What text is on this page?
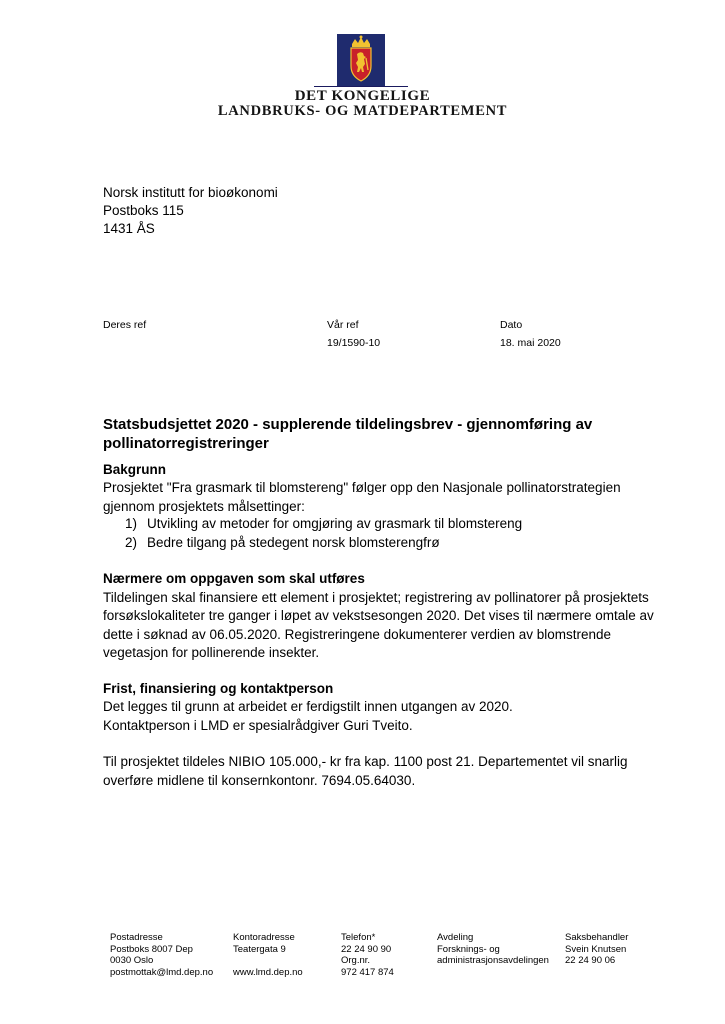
DET KONGELIGE
LANDBRUKS- OG MATDEPARTEMENT
Norsk institutt for bioøkonomi
Postboks 115
1431 ÅS
Deres ref	Vår ref
19/1590-10
Dato
18. mai 2020
Statsbudsjettet 2020 - supplerende tildelingsbrev - gjennomføring av pollinatorregistreringer
Bakgrunn
Prosjektet "Fra grasmark til blomstereng" følger opp den Nasjonale pollinatorstrategien
gjennom prosjektets målsettinger:
1) Utvikling av metoder for omgjøring av grasmark til blomstereng
2) Bedre tilgang på stedegent norsk blomsterengfrø
Nærmere om oppgaven som skal utføres
Tildelingen skal finansiere ett element i prosjektet; registrering av pollinatorer på prosjektets
forsøkslokaliteter tre ganger i løpet av vekstsesongen 2020. Det vises til nærmere omtale av
dette i søknad av 06.05.2020. Registreringene dokumenterer verdien av blomstrende
vegetasjon for pollinerende insekter.
Frist, finansiering og kontaktperson
Det legges til grunn at arbeidet er ferdigstilt innen utgangen av 2020.
Kontaktperson i LMD er spesialrådgiver Guri Tveito.
Til prosjektet tildeles NIBIO 105.000,- kr fra kap. 1100 post 21. Departementet vil snarlig
overføre midlene til konsernkontonr. 7694.05.64030.
Postadresse
Postboks 8007 Dep
0030 Oslo
postmottak@lmd.dep.no
Kontoradresse
Teatergata 9

www.lmd.dep.no
Telefon*
22 24 90 90
Org.nr.
972 417 874
Avdeling
Forsknings- og
administrasjonsavdelingen
Saksbehandler
Svein Knutsen
22 24 90 06
